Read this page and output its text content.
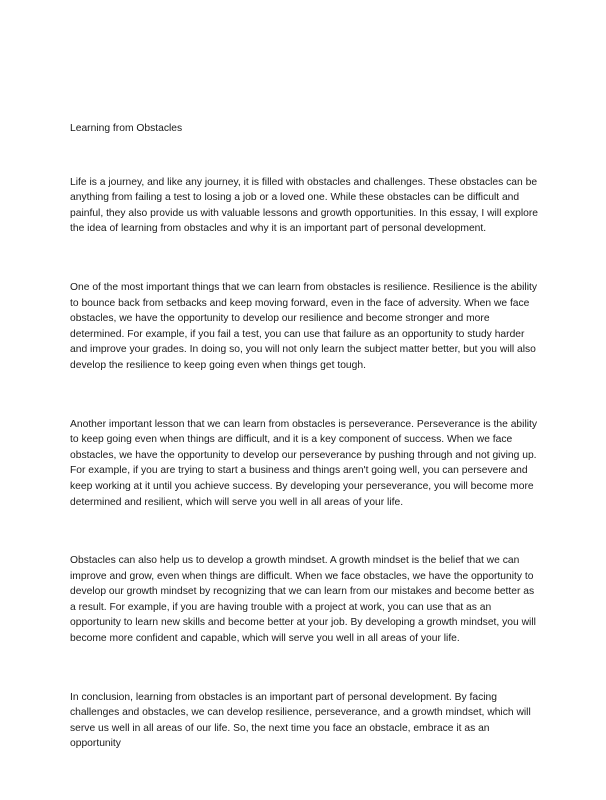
Learning from Obstacles

Life is a journey, and like any journey, it is filled with obstacles and challenges. These obstacles can be anything from failing a test to losing a job or a loved one. While these obstacles can be difficult and painful, they also provide us with valuable lessons and growth opportunities. In this essay, I will explore the idea of learning from obstacles and why it is an important part of personal development.

One of the most important things that we can learn from obstacles is resilience. Resilience is the ability to bounce back from setbacks and keep moving forward, even in the face of adversity. When we face obstacles, we have the opportunity to develop our resilience and become stronger and more determined. For example, if you fail a test, you can use that failure as an opportunity to study harder and improve your grades. In doing so, you will not only learn the subject matter better, but you will also develop the resilience to keep going even when things get tough.

Another important lesson that we can learn from obstacles is perseverance. Perseverance is the ability to keep going even when things are difficult, and it is a key component of success. When we face obstacles, we have the opportunity to develop our perseverance by pushing through and not giving up. For example, if you are trying to start a business and things aren't going well, you can persevere and keep working at it until you achieve success. By developing your perseverance, you will become more determined and resilient, which will serve you well in all areas of your life.

Obstacles can also help us to develop a growth mindset. A growth mindset is the belief that we can improve and grow, even when things are difficult. When we face obstacles, we have the opportunity to develop our growth mindset by recognizing that we can learn from our mistakes and become better as a result. For example, if you are having trouble with a project at work, you can use that as an opportunity to learn new skills and become better at your job. By developing a growth mindset, you will become more confident and capable, which will serve you well in all areas of your life.

In conclusion, learning from obstacles is an important part of personal development. By facing challenges and obstacles, we can develop resilience, perseverance, and a growth mindset, which will serve us well in all areas of our life. So, the next time you face an obstacle, embrace it as an opportunity
